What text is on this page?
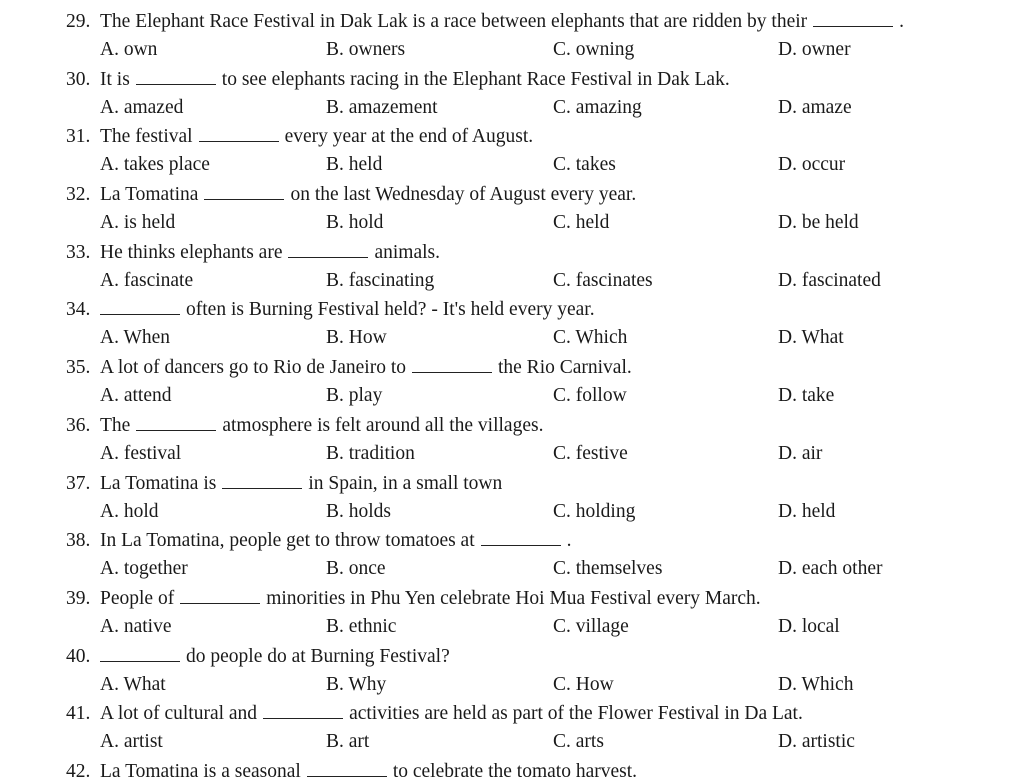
29. The Elephant Race Festival in Dak Lak is a race between elephants that are ridden by their	.
A. own	B. owners	C. owning	D. owner
30. It is	to see elephants racing in the Elephant Race Festival in Dak Lak.
A. amazed	B. amazement	C. amazing	D. amaze
31. The festival	every year at the end of August.
A. takes place	B. held	C. takes	D. occur
32. La Tomatina	on the last Wednesday of August every year.
A. is held	B. hold	C. held	D. be held
33. He thinks elephants are	animals.
A. fascinate	B. fascinating	C. fascinates	D. fascinated
34.	often is Burning Festival held? - It's held every year.
A. When	B. How	C. Which	D. What
35. A lot of dancers go to Rio de Janeiro to	the Rio Carnival.
A. attend	B. play	C. follow	D. take
36. The	atmosphere is felt around all the villages.
A. festival	B. tradition	C. festive	D. air
37. La Tomatina is	in Spain, in a small town
A. hold	B. holds	C. holding	D. held
38. In La Tomatina, people get to throw tomatoes at	.
A. together	B. once	C. themselves	D. each other
39. People of	minorities in Phu Yen celebrate Hoi Mua Festival every March.
A. native	B. ethnic	C. village	D. local
40.	do people do at Burning Festival?
A. What	B. Why	C. How	D. Which
41. A lot of cultural and	activities are held as part of the Flower Festival in Da Lat.
A. artist	B. art	C. arts	D. artistic
42. La Tomatina is a seasonal	to celebrate the tomato harvest.
